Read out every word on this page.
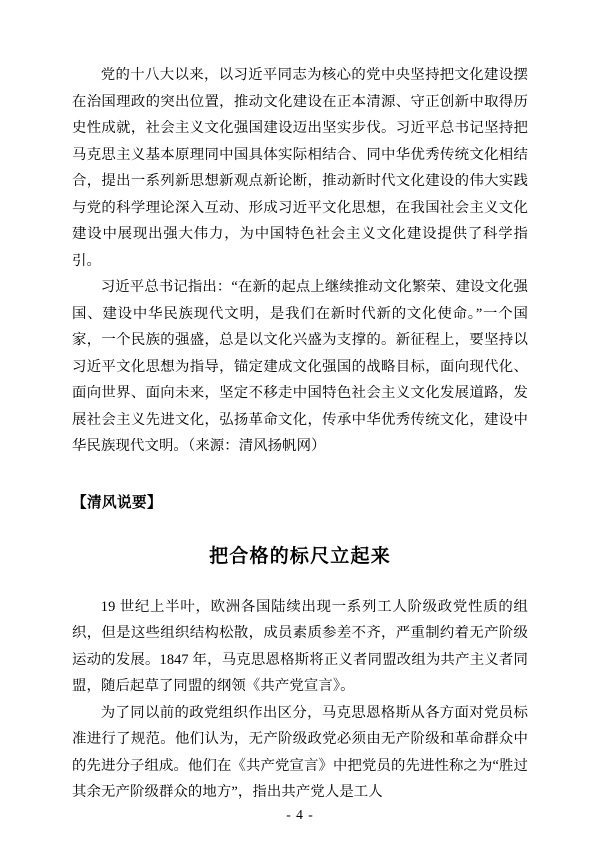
党的十八大以来，以习近平同志为核心的党中央坚持把文化建设摆在治国理政的突出位置，推动文化建设在正本清源、守正创新中取得历史性成就，社会主义文化强国建设迈出坚实步伐。习近平总书记坚持把马克思主义基本原理同中国具体实际相结合、同中华优秀传统文化相结合，提出一系列新思想新观点新论断，推动新时代文化建设的伟大实践与党的科学理论深入互动、形成习近平文化思想，在我国社会主义文化建设中展现出强大伟力，为中国特色社会主义文化建设提供了科学指引。

习近平总书记指出：“在新的起点上继续推动文化繁荣、建设文化强国、建设中华民族现代文明，是我们在新时代新的文化使命。”一个国家，一个民族的强盛，总是以文化兴盛为支撑的。新征程上，要坚持以习近平文化思想为指导，锚定建成文化强国的战略目标，面向现代化、面向世界、面向未来，坚定不移走中国特色社会主义文化发展道路，发展社会主义先进文化，弘扬革命文化，传承中华优秀传统文化，建设中华民族现代文明。（来源：清风扬帆网）

【清风说要】
把合格的标尺立起来

19 世纪上半叶，欧洲各国陆续出现一系列工人阶级政党性质的组织，但是这些组织结构松散，成员素质参差不齐，严重制约着无产阶级运动的发展。1847 年，马克思恩格斯将正义者同盟改组为共产主义者同盟，随后起草了同盟的纲领《共产党宣言》。

为了同以前的政党组织作出区分，马克思恩格斯从各方面对党员标准进行了规范。他们认为，无产阶级政党必须由无产阶级和革命群众中的先进分子组成。他们在《共产党宣言》中把党员的先进性称之为“胜过其余无产阶级群众的地方”，指出共产党人是工人

- 4 -
